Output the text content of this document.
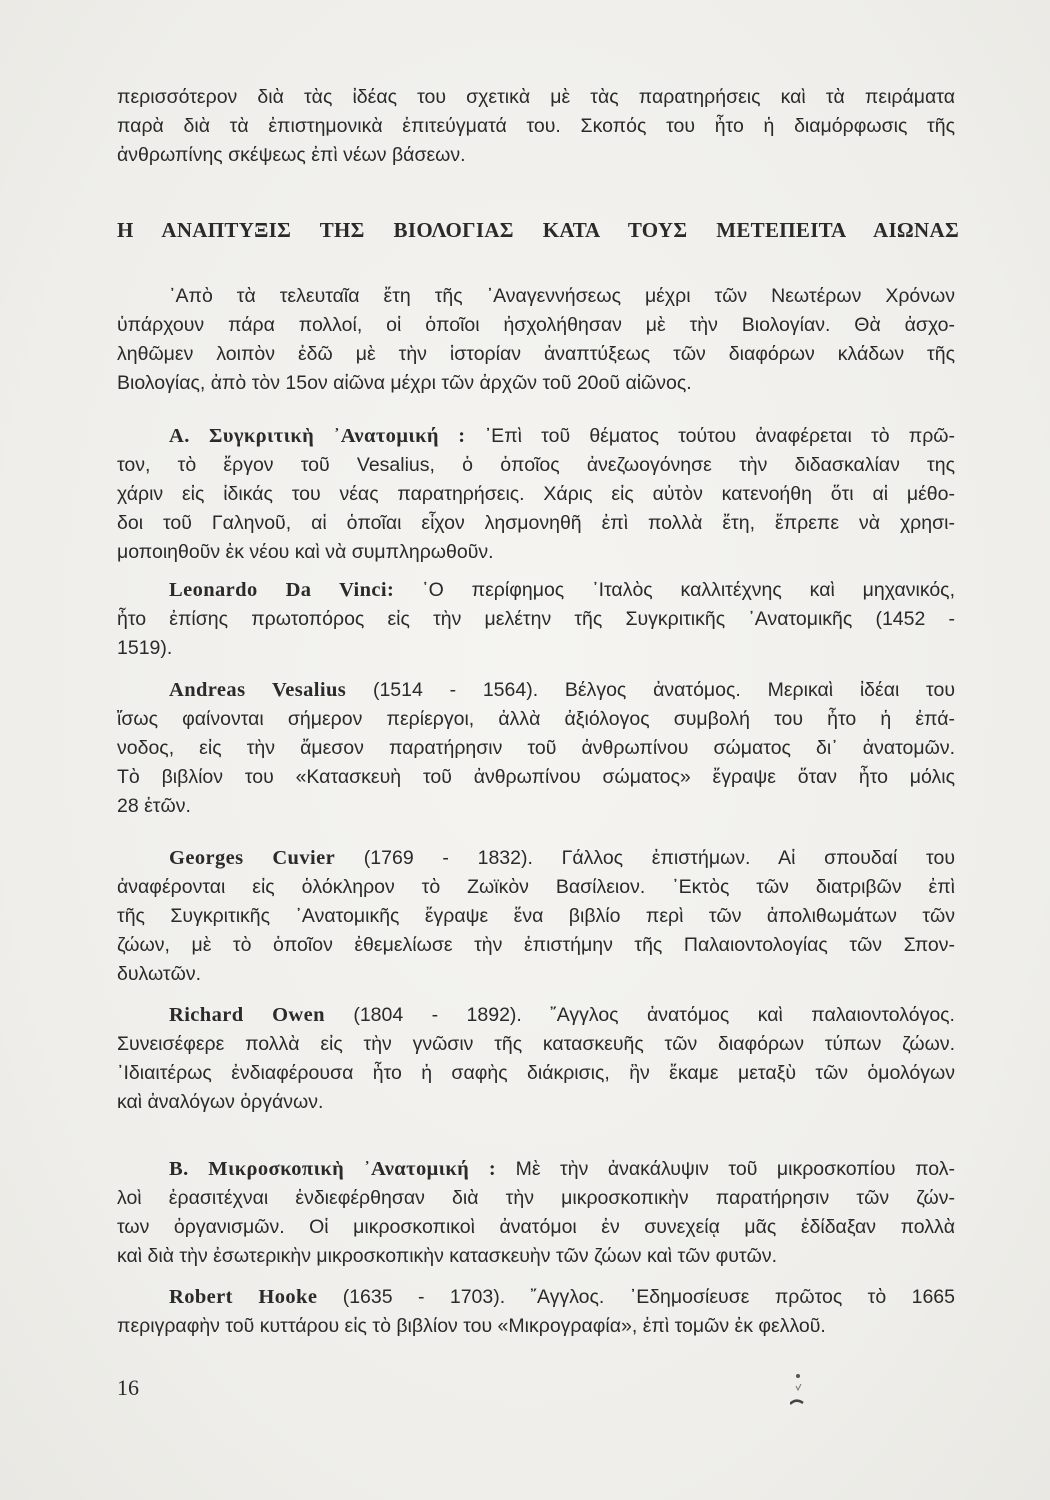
περισσότερον διὰ τὰς ἰδέας του σχετικὰ μὲ τὰς παρατηρήσεις καὶ τὰ πειράματα
παρὰ διὰ τὰ ἐπιστημονικὰ ἐπιτεύγματά του. Σκοπός του ἦτο ἡ διαμόρφωσις τῆς
ἀνθρωπίνης σκέψεως ἐπὶ νέων βάσεων.
Η ΑΝΑΠΤΥΞΙΣ ΤΗΣ ΒΙΟΛΟΓΙΑΣ ΚΑΤΑ ΤΟΥΣ ΜΕΤΕΠΕΙΤΑ ΑΙΩΝΑΣ
᾿Απὸ τὰ τελευταῖα ἔτη τῆς ᾿Αναγεννήσεως μέχρι τῶν Νεωτέρων Χρόνων
ὑπάρχουν πάρα πολλοί, οἱ ὁποῖοι ἠσχολήθησαν μὲ τὴν Βιολογίαν. Θὰ ἀσχο-
ληθῶμεν λοιπὸν ἐδῶ μὲ τὴν ἱστορίαν ἀναπτύξεως τῶν διαφόρων κλάδων τῆς
Βιολογίας, ἀπὸ τὸν 15ον αἰῶνα μέχρι τῶν ἀρχῶν τοῦ 20οῦ αἰῶνος.
Α. Συγκριτικὴ ᾿Ανατομική : ᾿Επὶ τοῦ θέματος τούτου ἀναφέρεται τὸ πρῶ-
τον, τὸ ἔργον τοῦ Vesalius, ὁ ὁποῖος ἀνεζωογόνησε τὴν διδασκαλίαν της
χάριν εἰς ἰδικάς του νέας παρατηρήσεις. Χάρις εἰς αὐτὸν κατενοήθη ὅτι αἱ μέθο-
δοι τοῦ Γαληνοῦ, αἱ ὁποῖαι εἶχον λησμονηθῆ ἐπὶ πολλὰ ἔτη, ἔπρεπε νὰ χρησι-
μοποιηθοῦν ἐκ νέου καὶ νὰ συμπληρωθοῦν.
Leonardo Da Vinci: ῾Ο περίφημος ᾿Ιταλὸς καλλιτέχνης καὶ μηχανικός,
ἦτο ἐπίσης πρωτοπόρος εἰς τὴν μελέτην τῆς Συγκριτικῆς ᾿Ανατομικῆς (1452 -
1519).
Andreas Vesalius (1514 - 1564). Βέλγος ἀνατόμος. Μερικαὶ ἰδέαι του
ἴσως φαίνονται σήμερον περίεργοι, ἀλλὰ ἀξιόλογος συμβολή του ἦτο ἡ ἐπά-
νοδος, εἰς τὴν ἄμεσον παρατήρησιν τοῦ ἀνθρωπίνου σώματος δι᾿ ἀνατομῶν.
Τὸ βιβλίον του «Κατασκευὴ τοῦ ἀνθρωπίνου σώματος» ἔγραψε ὅταν ἦτο μόλις
28 ἐτῶν.
Georges Cuvier (1769 - 1832). Γάλλος ἐπιστήμων. Αἱ σπουδαί του
ἀναφέρονται εἰς ὁλόκληρον τὸ Ζωϊκὸν Βασίλειον. ᾿Εκτὸς τῶν διατριβῶν ἐπὶ
τῆς Συγκριτικῆς ᾿Ανατομικῆς ἔγραψε ἕνα βιβλίο περὶ τῶν ἀπολιθωμάτων τῶν
ζώων, μὲ τὸ ὁποῖον ἐθεμελίωσε τὴν ἐπιστήμην τῆς Παλαιοντολογίας τῶν Σπον-
δυλωτῶν.
Richard Owen (1804 - 1892). ῎Αγγλος ἀνατόμος καὶ παλαιοντολόγος.
Συνεισέφερε πολλὰ εἰς τὴν γνῶσιν τῆς κατασκευῆς τῶν διαφόρων τύπων ζώων.
᾿Ιδιαιτέρως ἐνδιαφέρουσα ἦτο ἡ σαφὴς διάκρισις, ἣν ἔκαμε μεταξὺ τῶν ὁμολόγων
καὶ ἀναλόγων ὀργάνων.
Β. Μικροσκοπικὴ ᾿Ανατομική : Μὲ τὴν ἀνακάλυψιν τοῦ μικροσκοπίου πολ-
λοὶ ἐρασιτέχναι ἐνδιεφέρθησαν διὰ τὴν μικροσκοπικὴν παρατήρησιν τῶν ζών-
των ὀργανισμῶν. Οἱ μικροσκοπικοὶ ἀνατόμοι ἐν συνεχείᾳ μᾶς ἐδίδαξαν πολλὰ
καὶ διὰ τὴν ἐσωτερικὴν μικροσκοπικὴν κατασκευὴν τῶν ζώων καὶ τῶν φυτῶν.
Robert Hooke (1635 - 1703). ῎Αγγλος. ᾿Εδημοσίευσε πρῶτος τὸ 1665
περιγραφὴν τοῦ κυττάρου εἰς τὸ βιβλίον του «Μικρογραφία», ἐπὶ τομῶν ἐκ φελλοῦ.
16
